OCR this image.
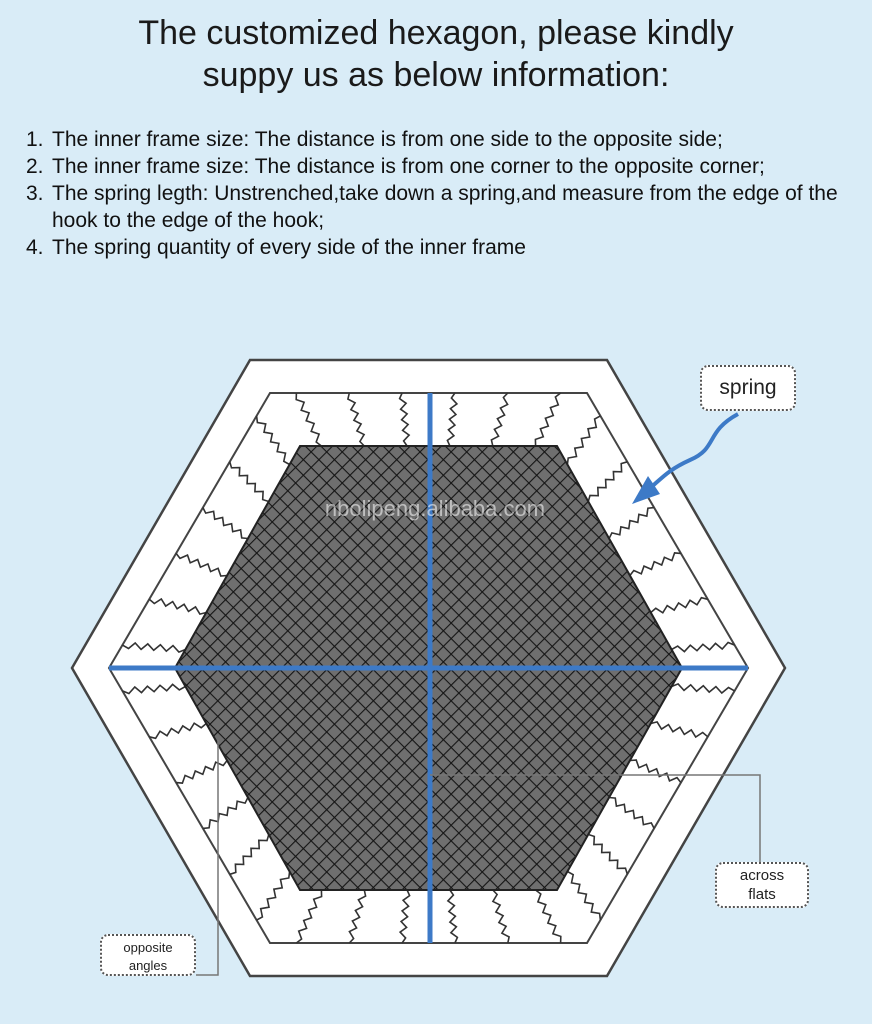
The customized hexagon, please kindly
suppy us as below information:
1. The inner frame size: The distance is from one side to the opposite side;
2. The inner frame size: The distance is from one corner to the opposite corner;
3. The spring legth: Unstrenched,take down a spring,and measure from the edge of the hook to the edge of the hook;
4. The spring quantity of every side of the inner frame
nbolipeng.alibaba.com
spring
across
flats
opposite
angles
